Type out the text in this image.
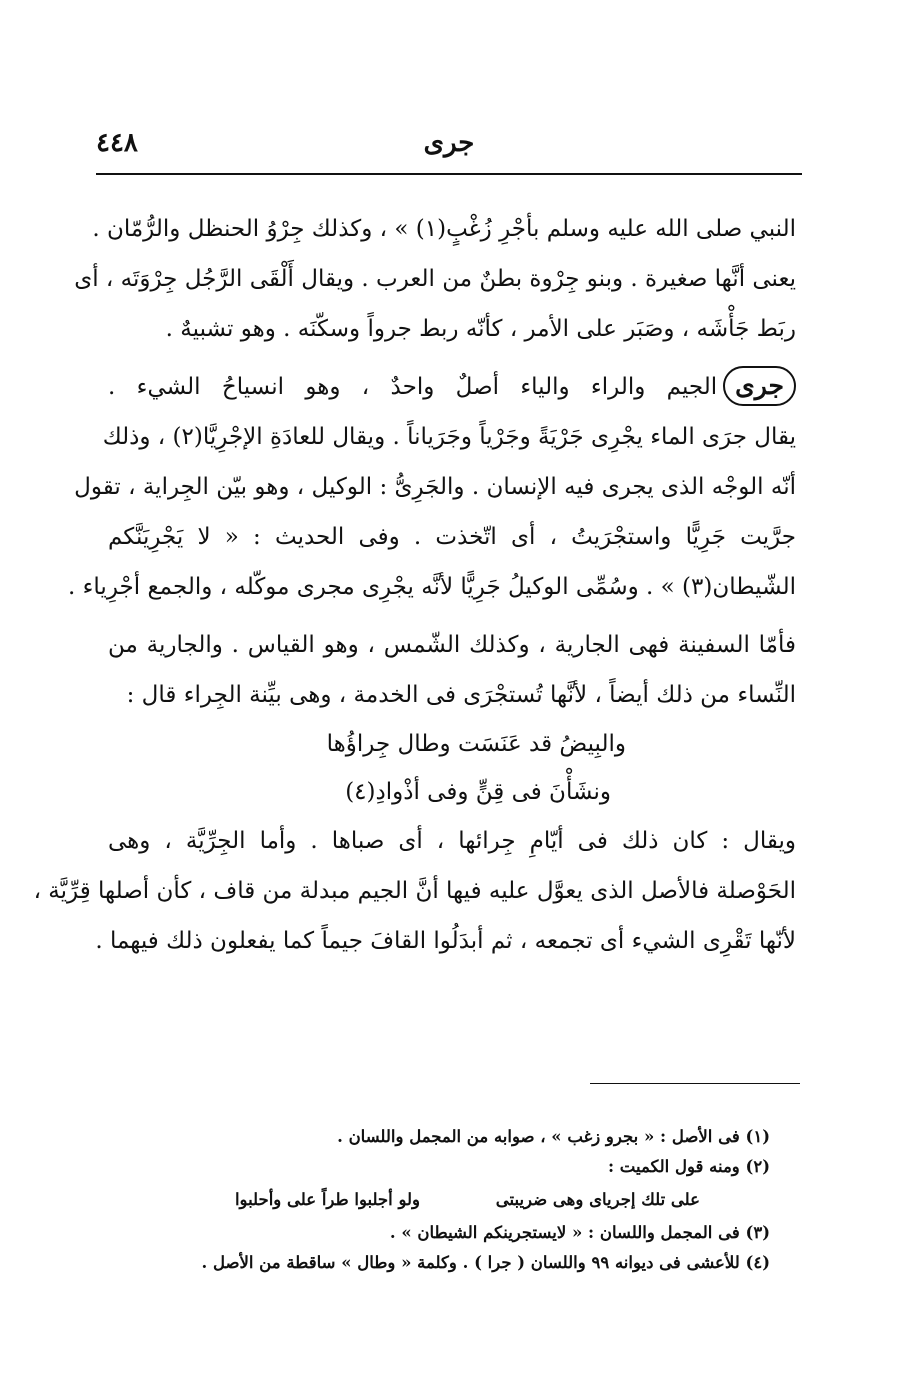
٤٤٨	جرى
النبي صلى الله عليه وسلم بأجْرِ زُغْبٍ(١) » ، وكذلك جِرْوُ الحنظل والرُّمّان .
يعنى أنَّها صغيرة . وبنو جِرْوة بطنٌ من العرب . ويقال أَلْقَى الرَّجُل جِرْوَتَه ، أى
ربَط جَأْشَه ، وصَبَر على الأمر ، كأنّه ربط جرواً وسكّنَه . وهو تشبيهٌ .
جرىالجيم والراء والياء أصلٌ واحدٌ ، وهو انسياحُ الشيء .
يقال جرَى الماء يجْرِى جَرْيَةً وجَرْياً وجَرَياناً . ويقال للعادَةِ الإجْرِيَّا(٢) ، وذلك
أنّه الوجْه الذى يجرى فيه الإنسان . والجَرِىُّ : الوكيل ، وهو بيّن الجِراية ، تقول
جرَّيت جَرِيًّا واستجْرَيتُ ، أى اتّخذت . وفى الحديث : « لا يَجْرِيَنَّكم
الشّيطان(٣) » . وسُمِّى الوكيلُ جَرِيًّا لأنَّه يجْرِى مجرى موكّله ، والجمع أجْرِياء .
فأمّا السفينة فهى الجارية ، وكذلك الشّمس ، وهو القياس . والجارية من
النِّساء من ذلك أيضاً ، لأنَّها تُستجْرَى فى الخدمة ، وهى بيِّنة الجِراء قال :
والبِيضُ قد عَنَسَت وطال جِراؤُها
ونشَأْنَ فى قِنٍّ وفى أذْوادِ(٤)
ويقال : كان ذلك فى أيّامِ جِرائها ، أى صباها . وأما الجِرِّيَّة ، وهى
الحَوْصلة فالأصل الذى يعوَّل عليه فيها أنَّ الجيم مبدلة من قاف ، كأن أصلها قِرِّيَّة ،
لأنّها تَقْرِى الشيء أى تجمعه ، ثم أبدَلُوا القافَ جيماً كما يفعلون ذلك فيهما .
(١) فى الأصل : « بجرو زغب » ، صوابه من المجمل واللسان .
(٢) ومنه قول الكميت :
على تلك إجرياى وهى ضريبتى ولو أجلبوا طراً على وأحلبوا
(٣) فى المجمل واللسان : « لايستجرينكم الشيطان » .
(٤) للأعشى فى ديوانه ٩٩ واللسان ( جرا ) . وكلمة « وطال » ساقطة من الأصل .
